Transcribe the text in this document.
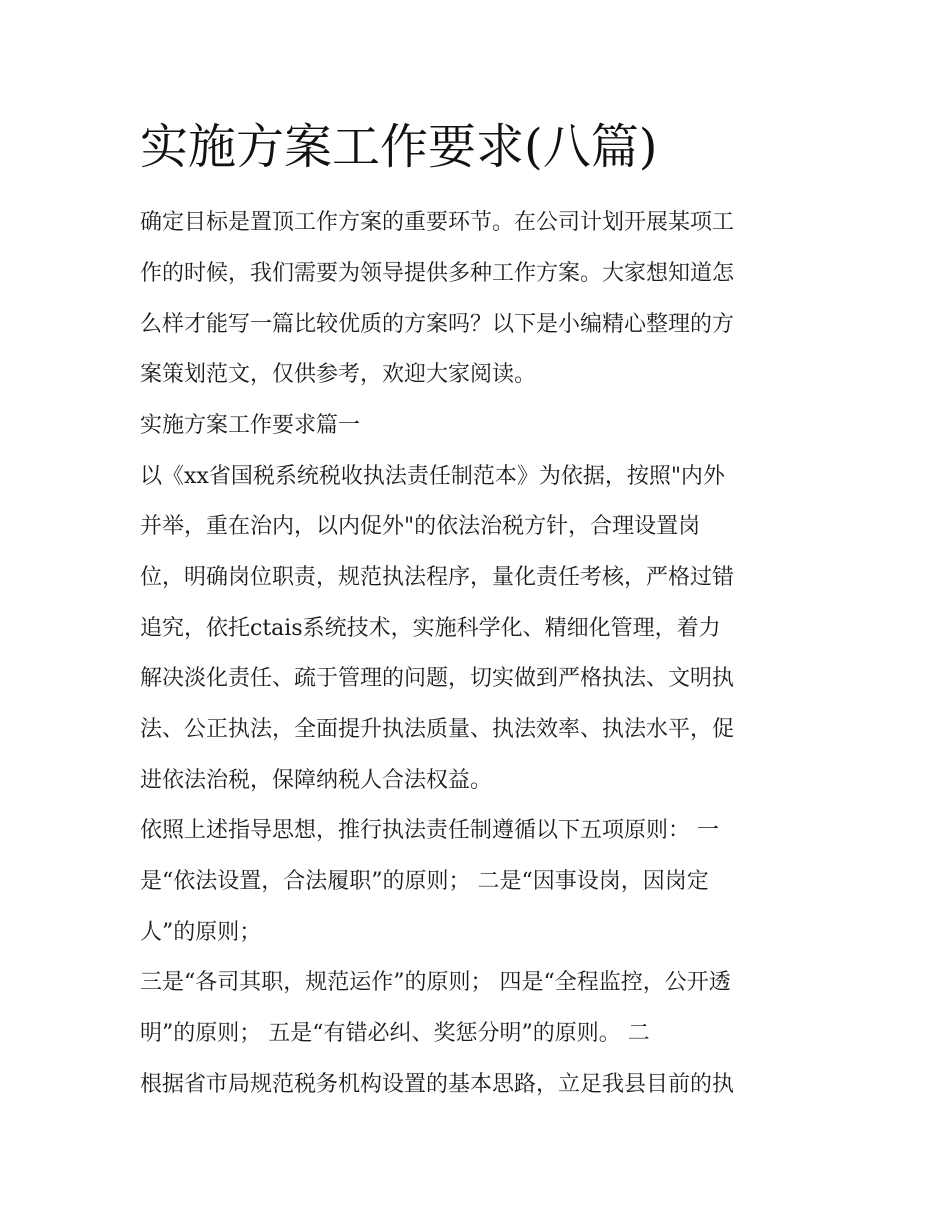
实施方案工作要求(八篇)

确定目标是置顶工作方案的重要环节。在公司计划开展某项工

作的时候，我们需要为领导提供多种工作方案。大家想知道怎

么样才能写一篇比较优质的方案吗？以下是小编精心整理的方

案策划范文，仅供参考，欢迎大家阅读。

实施方案工作要求篇一

以《xx省国税系统税收执法责任制范本》为依据，按照"内外

并举，重在治内，以内促外"的依法治税方针，合理设置岗

位，明确岗位职责，规范执法程序，量化责任考核，严格过错

追究，依托ctais系统技术，实施科学化、精细化管理，着力

解决淡化责任、疏于管理的问题，切实做到严格执法、文明执

法、公正执法，全面提升执法质量、执法效率、执法水平，促

进依法治税，保障纳税人合法权益。

依照上述指导思想，推行执法责任制遵循以下五项原则： 一

是“依法设置，合法履职”的原则； 二是“因事设岗，因岗定

人”的原则；

三是“各司其职，规范运作”的原则； 四是“全程监控，公开透

明”的原则； 五是“有错必纠、奖惩分明”的原则。 二

根据省市局规范税务机构设置的基本思路，立足我县目前的执
